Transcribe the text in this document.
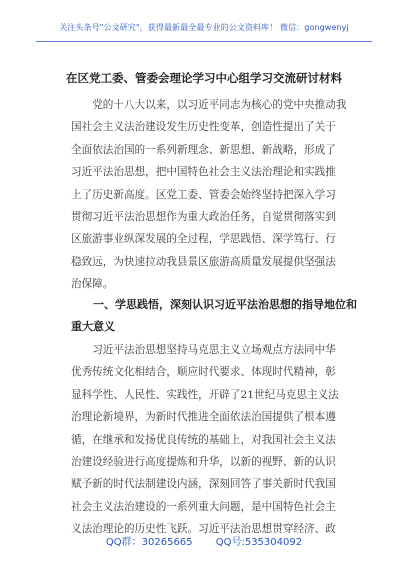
关注头条号"公文研究"，获得最新最全最专业的公文资料库！ 微信：gongwenyj
在区党工委、管委会理论学习中心组学习交流研讨材料
党的十八大以来，以习近平同志为核心的党中央推动我
国社会主义法治建设发生历史性变革，创造性提出了关于
全面依法治国的一系列新理念、新思想、新战略，形成了
习近平法治思想，把中国特色社会主义法治理论和实践推
上了历史新高度。区党工委、管委会始终坚持把深入学习
贯彻习近平法治思想作为重大政治任务，自觉贯彻落实到
区旅游事业纵深发展的全过程，学思践悟、深学笃行、行
稳致远，为快速拉动我县景区旅游高质量发展提供坚强法
治保障。
一、学思践悟，深刻认识习近平法治思想的指导地位和
重大意义
习近平法治思想坚持马克思主义立场观点方法同中华
优秀传统文化相结合，顺应时代要求、体现时代精神，彰
显科学性、人民性、实践性，开辟了21世纪马克思主义法
治理论新境界，为新时代推进全面依法治国提供了根本遵
循，在继承和发扬优良传统的基础上，对我国社会主义法
治建设经验进行高度提炼和升华，以新的视野、新的认识
赋予新的时代法制建设内涵，深刻回答了事关新时代我国
社会主义法治建设的一系列重大问题，是中国特色社会主
义法治理论的历史性飞跃。习近平法治思想贯穿经济、政
QQ群：30265665 QQ号:535304092
